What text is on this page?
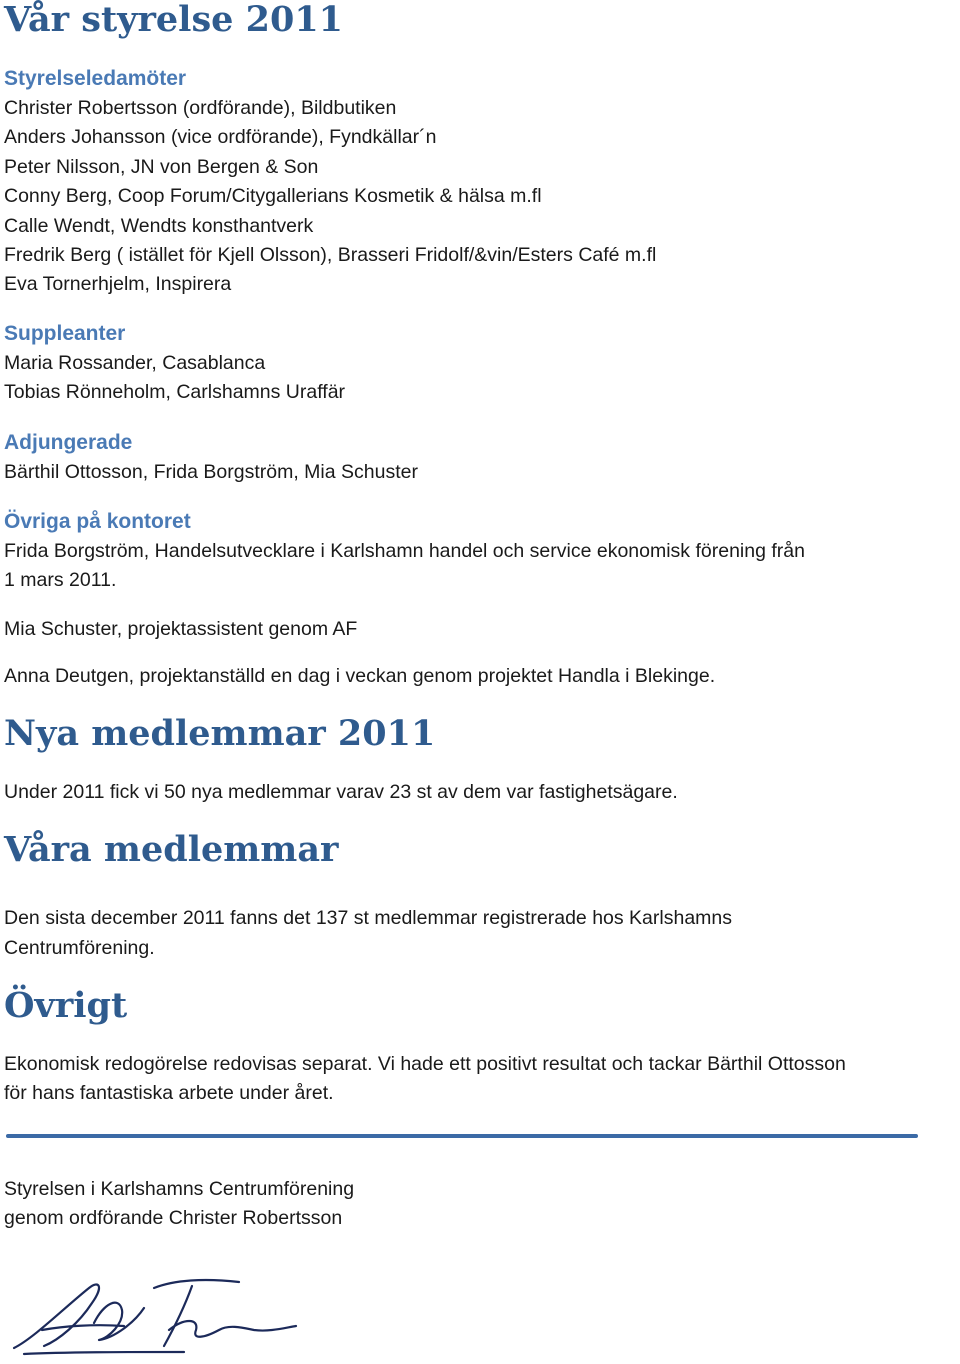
Vår styrelse 2011
Styrelseledamöter

Christer Robertsson (ordförande), Bildbutiken

Anders Johansson (vice ordförande), Fyndkällar´n

Peter Nilsson, JN von Bergen & Son

Conny Berg, Coop Forum/Citygallerians Kosmetik & hälsa m.fl

Calle Wendt, Wendts konsthantverk

Fredrik Berg ( istället för Kjell Olsson), Brasseri Fridolf/&vin/Esters Café m.fl

Eva Tornerhjelm, Inspirera

Suppleanter

Maria Rossander, Casablanca

Tobias Rönneholm, Carlshamns Uraffär

Adjungerade

Bärthil Ottosson, Frida Borgström, Mia Schuster

Övriga på kontoret

Frida Borgström, Handelsutvecklare i Karlshamn handel och service ekonomisk förening från

1 mars 2011.

Mia Schuster, projektassistent genom AF

Anna Deutgen, projektanställd en dag i veckan genom projektet Handla i Blekinge.

Nya medlemmar 2011

Under 2011 fick vi 50 nya medlemmar varav 23 st av dem var fastighetsägare.

Våra medlemmar

Den sista december 2011 fanns det 137 st medlemmar registrerade hos Karlshamns

Centrumförening.

Övrigt

Ekonomisk redogörelse redovisas separat. Vi hade ett positivt resultat och tackar Bärthil Ottosson

för hans fantastiska arbete under året.

Styrelsen i Karlshamns Centrumförening

genom ordförande Christer Robertsson
